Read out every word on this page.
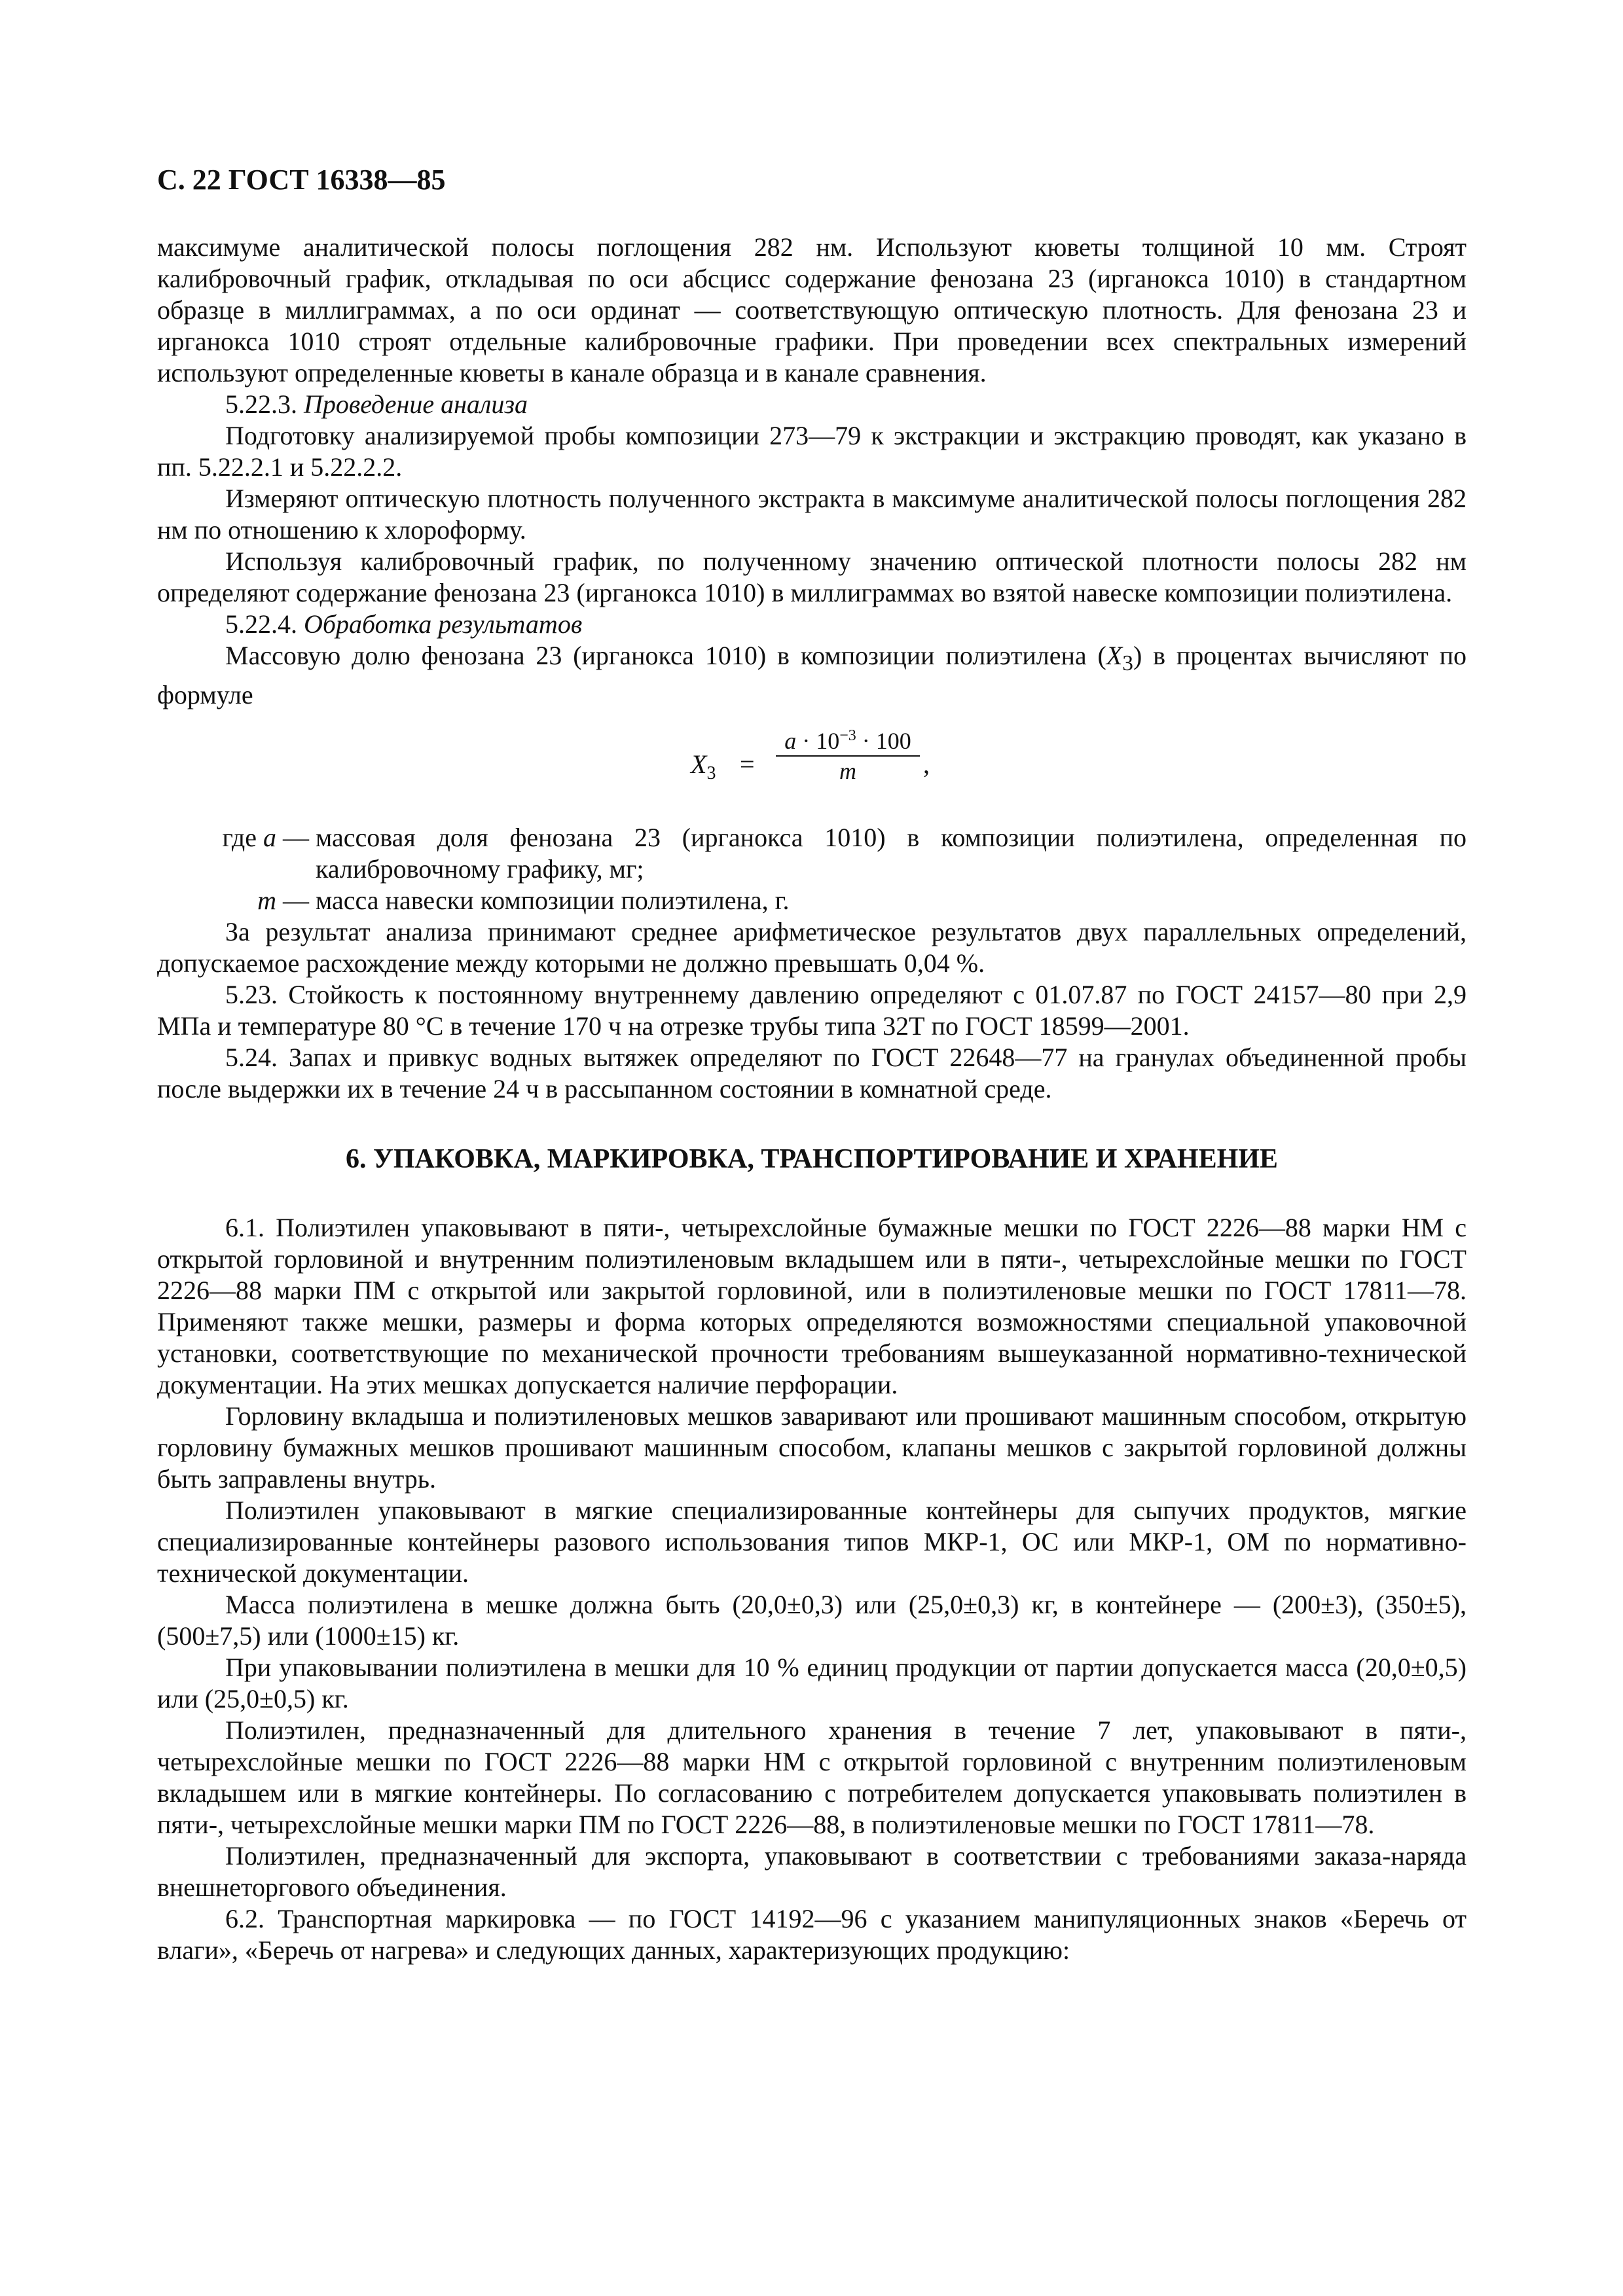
С. 22 ГОСТ 16338—85

максимуме аналитической полосы поглощения 282 нм. Используют кюветы толщиной 10 мм. Строят калибровочный график, откладывая по оси абсцисс содержание фенозана 23 (ирганокса 1010) в стандартном образце в миллиграммах, а по оси ординат — соответствующую оптическую плотность. Для фенозана 23 и ирганокса 1010 строят отдельные калибровочные графики. При проведении всех спектральных измерений используют определенные кюветы в канале образца и в канале сравнения.

5.22.3. Проведение анализа

Подготовку анализируемой пробы композиции 273—79 к экстракции и экстракцию проводят, как указано в пп. 5.22.2.1 и 5.22.2.2.

Измеряют оптическую плотность полученного экстракта в максимуме аналитической полосы поглощения 282 нм по отношению к хлороформу.

Используя калибровочный график, по полученному значению оптической плотности полосы 282 нм определяют содержание фенозана 23 (ирганокса 1010) в миллиграммах во взятой навеске композиции полиэтилена.

5.22.4. Обработка результатов

Массовую долю фенозана 23 (ирганокса 1010) в композиции полиэтилена $(X_3)$ в процентах вычисляют по формуле

$X_3 = \frac{a \cdot 10^{-3} \cdot 100}{m}$ ,
где a — массовая доля фенозана 23 (ирганокса 1010) в композиции полиэтилена, определенная по калибровочному графику, мг;
m — масса навески композиции полиэтилена, г.

За результат анализа принимают среднее арифметическое результатов двух параллельных определений, допускаемое расхождение между которыми не должно превышать 0,04 %.

5.23. Стойкость к постоянному внутреннему давлению определяют с 01.07.87 по ГОСТ 24157—80 при 2,9 МПа и температуре 80 °С в течение 170 ч на отрезке трубы типа 32Т по ГОСТ 18599—2001.

5.24. Запах и привкус водных вытяжек определяют по ГОСТ 22648—77 на гранулах объединенной пробы после выдержки их в течение 24 ч в рассыпанном состоянии в комнатной среде.

6. УПАКОВКА, МАРКИРОВКА, ТРАНСПОРТИРОВАНИЕ И ХРАНЕНИЕ

6.1. Полиэтилен упаковывают в пяти-, четырехслойные бумажные мешки по ГОСТ 2226—88 марки НМ с открытой горловиной и внутренним полиэтиленовым вкладышем или в пяти-, четырехслойные мешки по ГОСТ 2226—88 марки ПМ с открытой или закрытой горловиной, или в полиэтиленовые мешки по ГОСТ 17811—78. Применяют также мешки, размеры и форма которых определяются возможностями специальной упаковочной установки, соответствующие по механической прочности требованиям вышеуказанной нормативно-технической документации. На этих мешках допускается наличие перфорации.

Горловину вкладыша и полиэтиленовых мешков заваривают или прошивают машинным способом, открытую горловину бумажных мешков прошивают машинным способом, клапаны мешков с закрытой горловиной должны быть заправлены внутрь.

Полиэтилен упаковывают в мягкие специализированные контейнеры для сыпучих продуктов, мягкие специализированные контейнеры разового использования типов МКР-1, ОС или МКР-1, ОМ по нормативно-технической документации.

Масса полиэтилена в мешке должна быть (20,0±0,3) или (25,0±0,3) кг, в контейнере — (200±3), (350±5), (500±7,5) или (1000±15) кг.

При упаковывании полиэтилена в мешки для 10 % единиц продукции от партии допускается масса (20,0±0,5) или (25,0±0,5) кг.

Полиэтилен, предназначенный для длительного хранения в течение 7 лет, упаковывают в пяти-, четырехслойные мешки по ГОСТ 2226—88 марки НМ с открытой горловиной с внутренним полиэтиленовым вкладышем или в мягкие контейнеры. По согласованию с потребителем допускается упаковывать полиэтилен в пяти-, четырехслойные мешки марки ПМ по ГОСТ 2226—88, в полиэтиленовые мешки по ГОСТ 17811—78.

Полиэтилен, предназначенный для экспорта, упаковывают в соответствии с требованиями заказа-наряда внешнеторгового объединения.

6.2. Транспортная маркировка — по ГОСТ 14192—96 с указанием манипуляционных знаков «Беречь от влаги», «Беречь от нагрева» и следующих данных, характеризующих продукцию:
